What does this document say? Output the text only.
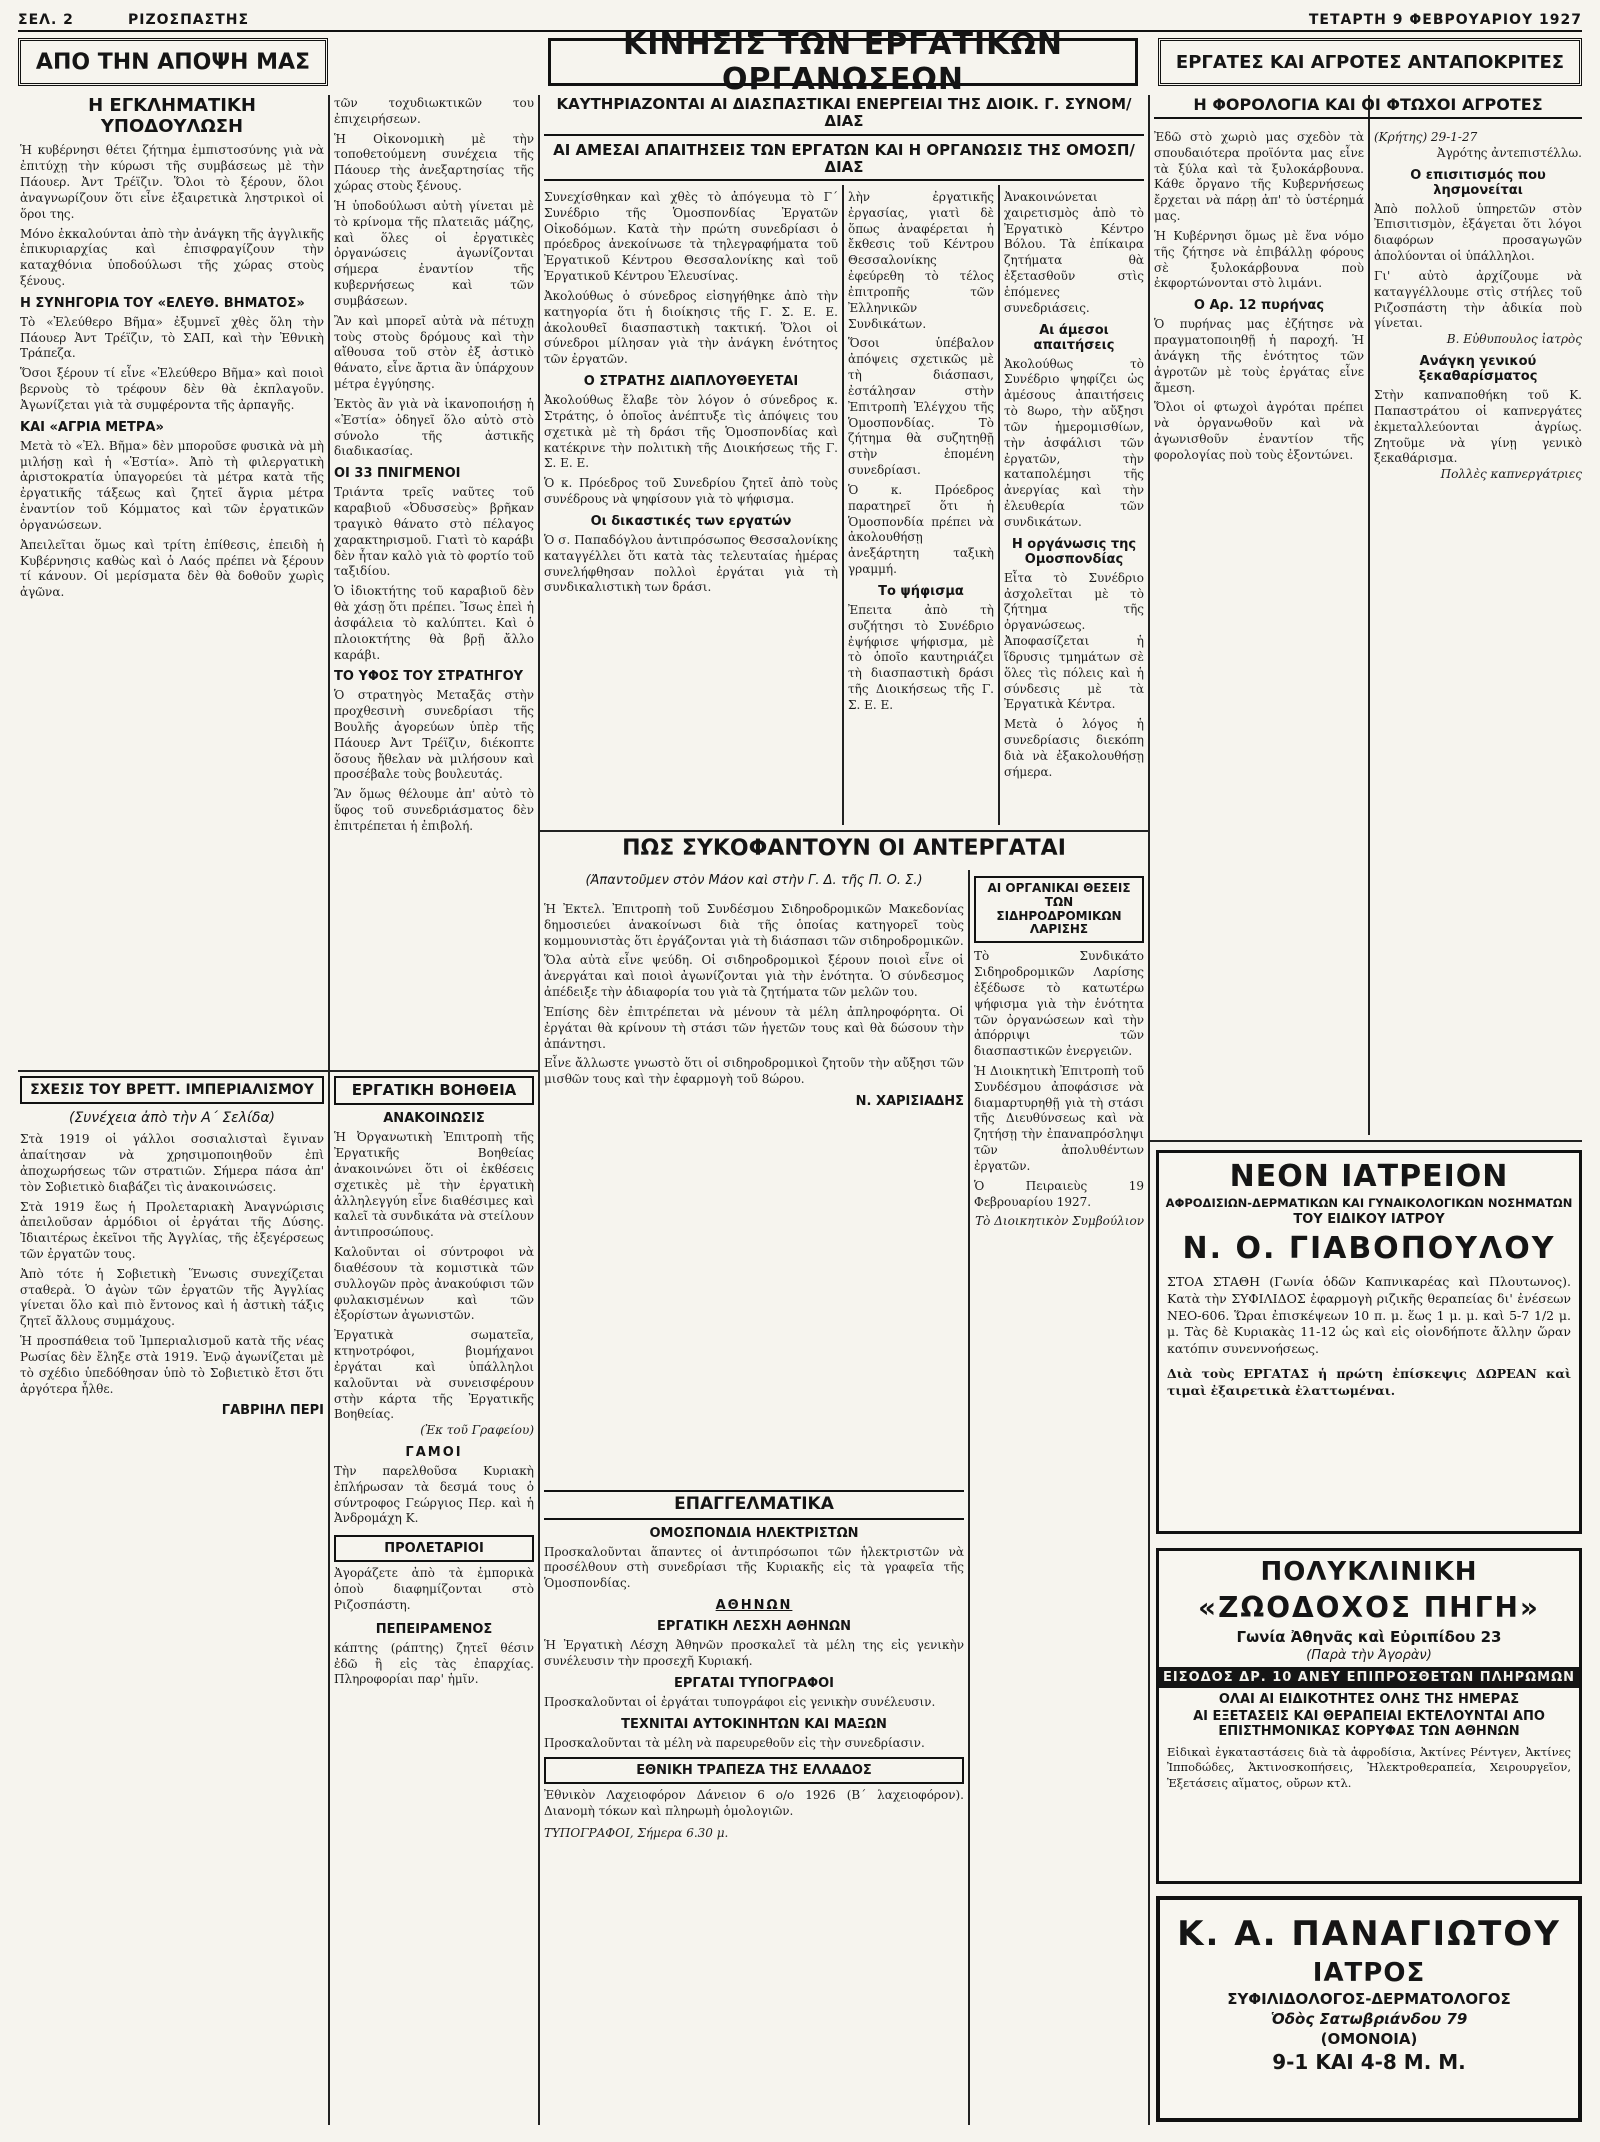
ΣΕΛ. 2	ΡΙΖΟΣΠΑΣΤΗΣ	ΤΕΤΑΡΤΗ 9 ΦΕΒΡΟΥΑΡΙΟΥ 1927
ΑΠΟ ΤΗΝ ΑΠΟΨΗ ΜΑΣ	ΚΙΝΗΣΙΣ ΤΩΝ ΕΡΓΑΤΙΚΩΝ ΟΡΓΑΝΩΣΕΩΝ	ΕΡΓΑΤΕΣ ΚΑΙ ΑΓΡΟΤΕΣ ΑΝΤΑΠΟΚΡΙΤΕΣ
Η ΕΓΚΛΗΜΑΤΙΚΗ ΥΠΟΔΟΥΛΩΣΗ
Ἡ κυβέρνησι θέτει ζήτημα ἐμπιστοσύνης γιὰ νὰ ἐπιτύχῃ τὴν κύρωσι τῆς συμβάσεως μὲ τὴν Πάουερ. Ἀντ Τρέϊζιν. Ὅλοι τὸ ξέρουν, ὅλοι ἀναγνωρίζουν ὅτι εἶνε ἐξαιρετικὰ ληστρικοὶ οἱ ὅροι της.
Μόνο ἐκκαλούνται ἀπὸ τὴν ἀνάγκη τῆς ἀγγλικῆς ἐπικυριαρχίας καὶ ἐπισφραγίζουν τὴν καταχθόνια ὑποδούλωσι τῆς χώρας στοὺς ξένους.
Η ΣΥΝΗΓΟΡΙΑ ΤΟΥ «ΕΛΕΥΘ. ΒΗΜΑΤΟΣ»
Τὸ «Ἐλεύθερο Βῆμα» ἐξυμνεῖ χθὲς ὅλη τὴν Πάουερ Ἀντ Τρέϊζιν, τὸ ΣΑΠ, καὶ τὴν Ἐθνικὴ Τράπεζα.
Ὅσοι ξέρουν τί εἶνε «Ἐλεύθερο Βῆμα» καὶ ποιοὶ βερνοὺς τὸ τρέφουν δὲν θὰ ἐκπλαγοῦν. Ἀγωνίζεται γιὰ τὰ συμφέροντα τῆς ἀρπαγῆς.
ΚΑΙ «ΑΓΡΙΑ ΜΕΤΡΑ»
Μετὰ τὸ «Ἐλ. Βῆμα» δὲν μποροῦσε φυσικὰ νὰ μὴ μιλήσῃ καὶ ἡ «Ἑστία». Ἀπὸ τὴ φιλεργατικὴ ἀριστοκρατία ὑπαγορεύει τὰ μέτρα κατὰ τῆς ἐργατικῆς τάξεως καὶ ζητεῖ ἄγρια μέτρα ἐναντίον τοῦ Κόμματος καὶ τῶν ἐργατικῶν ὀργανώσεων.
Ἀπειλεῖται ὅμως καὶ τρίτη ἐπίθεσις, ἐπειδὴ ἡ Κυβέρνησις καθὼς καὶ ὁ Λαός πρέπει νὰ ξέρουν τί κάνουν. Οἱ μερίσματα δὲν θὰ δοθοῦν χωρὶς ἀγῶνα.
ΣΧΕΣΙΣ ΤΟΥ ΒΡΕΤΤ. ΙΜΠΕΡΙΑΛΙΣΜΟΥ
(Συνέχεια ἀπὸ τὴν Α΄ Σελίδα)
Στὰ 1919 οἱ γάλλοι σοσιαλισταὶ ἔγιναν ἀπαίτησαν νὰ χρησιμοποιηθοῦν ἐπὶ ἀποχωρήσεως τῶν στρατιῶν. Σήμερα πάσα ἀπ' τὸν Σοβιετικὸ διαβάζει τὶς ἀνακοινώσεις.
Στὰ 1919 ἕως ἡ Προλεταριακὴ Ἀναγνώρισις ἀπειλοῦσαν ἁρμόδιοι οἱ ἐργάται τῆς Δύσης. Ἰδιαιτέρως ἐκεῖνοι τῆς Ἀγγλίας, τῆς ἐξεγέρσεως τῶν ἐργατῶν τους.
Ἀπὸ τότε ἡ Σοβιετικὴ Ἕνωσις συνεχίζεται σταθερὰ. Ὁ ἀγὼν τῶν ἐργατῶν τῆς Ἀγγλίας γίνεται ὅλο καὶ πιὸ ἔντονος καὶ ἡ ἀστικὴ τάξις ζητεῖ ἄλλους συμμάχους.
Ἡ προσπάθεια τοῦ Ἰμπεριαλισμοῦ κατὰ τῆς νέας Ρωσίας δὲν ἔληξε στὰ 1919. Ἐνῷ ἀγωνίζεται μὲ τὸ σχέδιο ὑπεδόθησαν ὑπὸ τὸ Σοβιετικὸ ἔτσι ὅτι ἀργότερα ἦλθε.
ΓΑΒΡΙΗΛ ΠΕΡΙ
τῶν τοχυδιωκτικῶν του ἐπιχειρήσεων.
Ἡ Οἰκονομικὴ μὲ τὴν τοποθετούμενη συνέχεια τῆς Πάουερ τὴς ἀνεξαρτησίας τῆς χώρας στοὺς ξένους.
Ἡ ὑποδούλωσι αὐτὴ γίνεται μὲ τὸ κρίνομα τῆς πλατειᾶς μάζης, καὶ ὅλες οἱ ἐργατικὲς ὀργανώσεις ἀγωνίζονται σήμερα ἐναντίον τῆς κυβερνήσεως καὶ τῶν συμβάσεων.
Ἂν καὶ μπορεῖ αὐτὰ νὰ πέτυχῃ τοὺς στοὺς δρόμους καὶ τὴν αἴθουσα τοῦ στὸν ἐξ ἀστικὸ θάνατο, εἶνε ἄρτια ἂν ὑπάρχουν μέτρα ἐγγύησης.
Ἐκτὸς ἂν γιὰ νὰ ἱκανοποιήσῃ ἡ «Ἑστία» ὁδηγεῖ ὅλο αὐτὸ στὸ σύνολο τῆς ἀστικῆς διαδικασίας.
ΟΙ 33 ΠΝΙΓΜΕΝΟΙ
Τριάντα τρεῖς ναῦτες τοῦ καραβιοῦ «Ὀδυσσεὺς» βρῆκαν τραγικὸ θάνατο στὸ πέλαγος χαρακτηρισμοῦ. Γιατὶ τὸ καράβι δὲν ἦταν καλὸ γιὰ τὸ φορτίο τοῦ ταξιδίου.
Ὁ ἰδιοκτήτης τοῦ καραβιοῦ δὲν θὰ χάσῃ ὅτι πρέπει. Ἴσως ἐπεὶ ἡ ἀσφάλεια τὸ καλύπτει. Καὶ ὁ πλοιοκτήτης θὰ βρῇ ἄλλο καράβι.
ΤΟ ΥΦΟΣ ΤΟΥ ΣΤΡΑΤΗΓΟΥ
Ὁ στρατηγὸς Μεταξᾶς στὴν προχθεσινὴ συνεδρίασι τῆς Βουλῆς ἀγορεύων ὑπὲρ τῆς Πάουερ Ἀντ Τρέϊζιν, διέκοπτε ὅσους ἤθελαν νὰ μιλήσουν καὶ προσέβαλε τοὺς βουλευτάς.
Ἂν ὅμως θέλουμε ἀπ' αὐτὸ τὸ ὕφος τοῦ συνεδριάσματος δὲν ἐπιτρέπεται ἡ ἐπιβολή.
ΕΡΓΑΤΙΚΗ ΒΟΗΘΕΙΑ
ΑΝΑΚΟΙΝΩΣΙΣ
Ἡ Ὀργανωτικὴ Ἐπιτροπὴ τῆς Ἐργατικῆς Βοηθείας ἀνακοινώνει ὅτι οἱ ἐκθέσεις σχετικὲς μὲ τὴν ἐργατικὴ ἀλληλεγγύη εἶνε διαθέσιμες καὶ καλεῖ τὰ συνδικάτα νὰ στείλουν ἀντιπροσώπους.
Καλοῦνται οἱ σύντροφοι νὰ διαθέσουν τὰ κομιστικὰ τῶν συλλογῶν πρὸς ἀνακούφισι τῶν φυλακισμένων καὶ τῶν ἐξορίστων ἀγωνιστῶν.
Ἐργατικὰ σωματεῖα, κτηνοτρόφοι, βιομήχανοι ἐργάται καὶ ὑπάλληλοι καλοῦνται νὰ συνεισφέρουν στὴν κάρτα τῆς Ἐργατικῆς Βοηθείας.
(Ἐκ τοῦ Γραφείου)
ΓΑΜΟΙ
Τὴν παρελθοῦσα Κυριακὴ ἐπλήρωσαν τὰ δεσμά τους ὁ σύντροφος Γεώργιος Περ. καὶ ἡ Ἀνδρομάχη Κ.
ΠΡΟΛΕΤΑΡΙΟΙ
Ἀγοράζετε ἀπὸ τὰ ἐμπορικὰ ὁποὺ διαφημίζονται στὸ Ριζοσπάστη.
ΠΕΠΕΙΡΑΜΕΝΟΣ
κάπτης (ράπτης) ζητεῖ θέσιν ἐδῶ ἢ εἰς τὰς ἐπαρχίας. Πληροφορίαι παρ' ἡμῖν.
ΚΑΥΤΗΡΙΑΖΟΝΤΑΙ ΑΙ ΔΙΑΣΠΑΣΤΙΚΑΙ ΕΝΕΡΓΕΙΑΙ ΤΗΣ ΔΙΟΙΚ. Γ. ΣΥΝΟΜ/ΔΙΑΣ
ΑΙ ΑΜΕΣΑΙ ΑΠΑΙΤΗΣΕΙΣ ΤΩΝ ΕΡΓΑΤΩΝ ΚΑΙ Η ΟΡΓΑΝΩΣΙΣ ΤΗΣ ΟΜΟΣΠ/ΔΙΑΣ
Συνεχίσθηκαν καὶ χθὲς τὸ ἀπόγευμα τὸ Γ΄ Συνέδριο τῆς Ὁμοσπονδίας Ἐργατῶν Οἰκοδόμων. Κατὰ τὴν πρώτη συνεδρίασι ὁ πρόεδρος ἀνεκοίνωσε τὰ τηλεγραφήματα τοῦ Ἐργατικοῦ Κέντρου Θεσσαλονίκης καὶ τοῦ Ἐργατικοῦ Κέντρου Ἐλευσίνας.
Ἀκολούθως ὁ σύνεδρος εἰσηγήθηκε ἀπὸ τὴν κατηγορία ὅτι ἡ διοίκησις τῆς Γ. Σ. Ε. Ε. ἀκολουθεῖ διασπαστικὴ τακτική. Ὅλοι οἱ σύνεδροι μίλησαν γιὰ τὴν ἀνάγκη ἑνότητος τῶν ἐργατῶν.
Ο ΣΤΡΑΤΗΣ ΔΙΑΠΛΟΥΘΕΥΕΤΑΙ
Ἀκολούθως ἔλαβε τὸν λόγον ὁ σύνεδρος κ. Στράτης, ὁ ὁποῖος ἀνέπτυξε τὶς ἀπόψεις του σχετικὰ μὲ τὴ δράσι τῆς Ὁμοσπονδίας καὶ κατέκρινε τὴν πολιτικὴ τῆς Διοικήσεως τῆς Γ. Σ. Ε. Ε.
Ὁ κ. Πρόεδρος τοῦ Συνεδρίου ζητεῖ ἀπὸ τοὺς συνέδρους νὰ ψηφίσουν γιὰ τὸ ψήφισμα.
Οι δικαστικές των εργατών
Ὁ σ. Παπαδόγλου ἀντιπρόσωπος Θεσσαλονίκης καταγγέλλει ὅτι κατὰ τὰς τελευταίας ἡμέρας συνελήφθησαν πολλοὶ ἐργάται γιὰ τὴ συνδικαλιστικὴ των δράσι.
λὴν ἐργατικῆς ἐργασίας, γιατὶ δὲ ὅπως ἀναφέρεται ἡ ἔκθεσις τοῦ Κέντρου Θεσσαλονίκης ἐφεύρεθη τὸ τέλος ἐπιτροπῆς τῶν Ἐλληνικῶν Συνδικάτων.
Ὅσοι ὑπέβαλον ἀπόψεις σχετικῶς μὲ τὴ διάσπασι, ἐστάλησαν στὴν Ἐπιτροπὴ Ἑλέγχου τῆς Ὁμοσπονδίας. Τὸ ζήτημα θὰ συζητηθῇ στὴν ἑπομένη συνεδρίασι.
Ὁ κ. Πρόεδρος παρατηρεῖ ὅτι ἡ Ὁμοσπονδία πρέπει νὰ ἀκολουθήσῃ ἀνεξάρτητη ταξικὴ γραμμή.
Το ψήφισμα
Ἐπειτα ἀπὸ τὴ συζήτησι τὸ Συνέδριο ἐψήφισε ψήφισμα, μὲ τὸ ὁποῖο καυτηριάζει τὴ διασπαστικὴ δράσι τῆς Διοικήσεως τῆς Γ. Σ. Ε. Ε.
Ἀνακοινώνεται χαιρετισμὸς ἀπὸ τὸ Ἐργατικὸ Κέντρο Βόλου. Τὰ ἐπίκαιρα ζητήματα θὰ ἐξετασθοῦν στὶς ἑπόμενες συνεδριάσεις.
Αι άμεσοι απαιτήσεις
Ἀκολούθως τὸ Συνέδριο ψηφίζει ὡς ἀμέσους ἀπαιτήσεις τὸ 8ωρο, τὴν αὔξησι τῶν ἡμερομισθίων, τὴν ἀσφάλισι τῶν ἐργατῶν, τὴν καταπολέμησι τῆς ἀνεργίας καὶ τὴν ἐλευθερία τῶν συνδικάτων.
Η οργάνωσις της Ομοσπονδίας
Εἶτα τὸ Συνέδριο ἀσχολεῖται μὲ τὸ ζήτημα τῆς ὀργανώσεως. Ἀποφασίζεται ἡ ἵδρυσις τμημάτων σὲ ὅλες τὶς πόλεις καὶ ἡ σύνδεσις μὲ τὰ Ἐργατικὰ Κέντρα.
Μετὰ ὁ λόγος ἡ συνεδρίασις διεκόπη διὰ νὰ ἐξακολουθήσῃ σήμερα.
ΠΩΣ ΣΥΚΟΦΑΝΤΟΥΝ ΟΙ ΑΝΤΕΡΓΑΤΑΙ
(Ἀπαντοῦμεν στὸν Μάον καὶ στὴν Γ. Δ. τῆς Π. Ο. Σ.)
Ἡ Ἐκτελ. Ἐπιτροπὴ τοῦ Συνδέσμου Σιδηροδρομικῶν Μακεδονίας δημοσιεύει ἀνακοίνωσι διὰ τῆς ὁποίας κατηγορεῖ τοὺς κομμουνιστὰς ὅτι ἐργάζονται γιὰ τὴ διάσπασι τῶν σιδηροδρομικῶν.
Ὅλα αὐτὰ εἶνε ψεύδη. Οἱ σιδηροδρομικοὶ ξέρουν ποιοὶ εἶνε οἱ ἀνεργάται καὶ ποιοὶ ἀγωνίζονται γιὰ τὴν ἑνότητα. Ὁ σύνδεσμος ἀπέδειξε τὴν ἀδιαφορία του γιὰ τὰ ζητήματα τῶν μελῶν του.
Ἐπίσης δὲν ἐπιτρέπεται νὰ μένουν τὰ μέλη ἀπληροφόρητα. Οἱ ἐργάται θὰ κρίνουν τὴ στάσι τῶν ἡγετῶν τους καὶ θὰ δώσουν τὴν ἀπάντησι.
Εἶνε ἄλλωστε γνωστὸ ὅτι οἱ σιδηροδρομικοὶ ζητοῦν τὴν αὔξησι τῶν μισθῶν τους καὶ τὴν ἐφαρμογὴ τοῦ 8ώρου.
Ν. ΧΑΡΙΣΙΑΔΗΣ
ΕΠΑΓΓΕΛΜΑΤΙΚΑ
ΟΜΟΣΠΟΝΔΙΑ ΗΛΕΚΤΡΙΣΤΩΝ
Προσκαλοῦνται ἅπαντες οἱ ἀντιπρόσωποι τῶν ἡλεκτριστῶν νὰ προσέλθουν στὴ συνεδρίασι τῆς Κυριακῆς εἰς τὰ γραφεῖα τῆς Ὁμοσπονδίας.
ΑΘΗΝΩΝ
ΕΡΓΑΤΙΚΗ ΛΕΣΧΗ ΑΘΗΝΩΝ
Ἡ Ἐργατικὴ Λέσχη Ἀθηνῶν προσκαλεῖ τὰ μέλη της εἰς γενικὴν συνέλευσιν τὴν προσεχῆ Κυριακή.
ΕΡΓΑΤΑΙ ΤΥΠΟΓΡΑΦΟΙ
Προσκαλοῦνται οἱ ἐργάται τυπογράφοι εἰς γενικὴν συνέλευσιν.
ΤΕΧΝΙΤΑΙ ΑΥΤΟΚΙΝΗΤΩΝ ΚΑΙ ΜΑΞΩΝ
Προσκαλοῦνται τὰ μέλη νὰ παρευρεθοῦν εἰς τὴν συνεδρίασιν.
ΕΘΝΙΚΗ ΤΡΑΠΕΖΑ ΤΗΣ ΕΛΛΑΔΟΣ
Ἐθνικὸν Λαχειοφόρον Δάνειον 6 ο/ο 1926 (Β΄ λαχειοφόρον). Διανομὴ τόκων καὶ πληρωμὴ ὁμολογιῶν.
ΤΥΠΟΓΡΑΦΟΙ, Σήμερα 6.30 μ.
ΑΙ ΟΡΓΑΝΙΚΑΙ ΘΕΣΕΙΣ ΤΩΝ ΣΙΔΗΡΟΔΡΟΜΙΚΩΝ ΛΑΡΙΣΗΣ
Τὸ Συνδικάτο Σιδηροδρομικῶν Λαρίσης ἐξέδωσε τὸ κατωτέρω ψήφισμα γιὰ τὴν ἑνότητα τῶν ὀργανώσεων καὶ τὴν ἀπόρριψι τῶν διασπαστικῶν ἐνεργειῶν.
Ἡ Διοικητικὴ Ἐπιτροπὴ τοῦ Συνδέσμου ἀποφάσισε νὰ διαμαρτυρηθῇ γιὰ τὴ στάσι τῆς Διευθύνσεως καὶ νὰ ζητήσῃ τὴν ἐπαναπρόσληψι τῶν ἀπολυθέντων ἐργατῶν.
Ὁ Πειραιεὺς 19 Φεβρουαρίου 1927.
Τὸ Διοικητικὸν Συμβούλιον
Η ΦΟΡΟΛΟΓΙΑ ΚΑΙ ΟΙ ΦΤΩΧΟΙ ΑΓΡΟΤΕΣ
Ἐδῶ στὸ χωριὸ μας σχεδὸν τὰ σπουδαιότερα προϊόντα μας εἶνε τὰ ξύλα καὶ τὰ ξυλοκάρβουνα. Κάθε ὄργανο τῆς Κυβερνήσεως ἔρχεται νὰ πάρῃ ἀπ' τὸ ὑστέρημά μας.
Ἡ Κυβέρνησι ὅμως μὲ ἕνα νόμο τῆς ζήτησε νὰ ἐπιβάλλῃ φόρους σὲ ξυλοκάρβουνα ποὺ ἐκφορτώνονται στὸ λιμάνι.
Ο Αρ. 12 πυρήνας
Ὁ πυρήνας μας ἐζήτησε νὰ πραγματοποιηθῇ ἡ παροχή. Ἡ ἀνάγκη τῆς ἑνότητος τῶν ἀγροτῶν μὲ τοὺς ἐργάτας εἶνε ἄμεση.
Ὅλοι οἱ φτωχοὶ ἀγρόται πρέπει νὰ ὀργανωθοῦν καὶ νὰ ἀγωνισθοῦν ἐναντίον τῆς φορολογίας ποὺ τοὺς ἐξοντώνει.
(Κρήτης) 29-1-27
Ἀγρότης ἀντεπιστέλλω.
Ο επισιτισμός που λησμονείται
Ἀπὸ πολλοῦ ὑπηρετῶν στὸν Ἐπισιτισμὸν, ἐξάγεται ὅτι λόγοι διαφόρων προσαγωγῶν ἀπολύονται οἱ ὑπάλληλοι.
Γι' αὐτὸ ἀρχίζουμε νὰ καταγγέλλουμε στὶς στήλες τοῦ Ριζοσπάστη τὴν ἀδικία ποὺ γίνεται.
Β. Εὐθυπουλος ἰατρὸς
Ανάγκη γενικού ξεκαθαρίσματος
Στὴν καπναποθήκη τοῦ Κ. Παπαστράτου οἱ καπνεργάτες ἐκμεταλλεύονται ἀγρίως. Ζητοῦμε νὰ γίνῃ γενικὸ ξεκαθάρισμα.
Πολλὲς καπνεργάτριες
ΝΕΟΝ ΙΑΤΡΕΙΟΝ
ΑΦΡΟΔΙΣΙΩΝ-ΔΕΡΜΑΤΙΚΩΝ ΚΑΙ ΓΥΝΑΙΚΟΛΟΓΙΚΩΝ ΝΟΣΗΜΑΤΩΝ
ΤΟΥ ΕΙΔΙΚΟΥ ΙΑΤΡΟΥ
Ν. Ο. ΓΙΑΒΟΠΟΥΛΟΥ
ΣΤΟΑ ΣΤΑΘΗ (Γωνία ὁδῶν Καπνικαρέας καὶ Πλουτωνος). Κατὰ τὴν ΣΥΦΙΛΙΔΟΣ ἐφαρμογὴ ριζικῆς θεραπείας δι' ἐνέσεων ΝΕΟ-606. Ὥραι ἐπισκέψεων 10 π. μ. ἕως 1 μ. μ. καὶ 5-7 1/2 μ. μ. Τὰς δὲ Κυριακὰς 11-12 ὡς καὶ εἰς οἰονδήποτε ἄλλην ὥραν κατόπιν συνεννοήσεως.
Διὰ τοὺς ΕΡΓΑΤΑΣ ἡ πρώτη ἐπίσκεψις ΔΩΡΕΑΝ καὶ τιμαὶ ἐξαιρετικὰ ἐλαττωμέναι.
ΠΟΛΥΚΛΙΝΙΚΗ
«ΖΩΟΔΟΧΟΣ ΠΗΓΗ»
Γωνία Ἀθηνᾶς καὶ Εὐριπίδου 23
(Παρὰ τὴν Ἀγορὰν)
ΕΙΣΟΔΟΣ ΔΡ. 10 ΑΝΕΥ ΕΠΙΠΡΟΣΘΕΤΩΝ ΠΛΗΡΩΜΩΝ
ΟΛΑΙ ΑΙ ΕΙΔΙΚΟΤΗΤΕΣ ΟΛΗΣ ΤΗΣ ΗΜΕΡΑΣ
ΑΙ ΕΞΕΤΑΣΕΙΣ ΚΑΙ ΘΕΡΑΠΕΙΑΙ ΕΚΤΕΛΟΥΝΤΑΙ ΑΠΟ ΕΠΙΣΤΗΜΟΝΙΚΑΣ ΚΟΡΥΦΑΣ ΤΩΝ ΑΘΗΝΩΝ
Εἰδικαὶ ἐγκαταστάσεις διὰ τὰ ἀφροδίσια, Ἀκτίνες Ρέντγεν, Ἀκτίνες Ἰπποδώδες, Ἀκτινοσκοπήσεις, Ἠλεκτροθεραπεία, Χειρουργεῖον, Ἐξετάσεις αἵματος, οὔρων κτλ.
Κ. Α. ΠΑΝΑΓΙΩΤΟΥ
ΙΑΤΡΟΣ
ΣΥΦΙΛΙΔΟΛΟΓΟΣ-ΔΕΡΜΑΤΟΛΟΓΟΣ
Ὁδὸς Σατωβριάνδου 79
(ΟΜΟΝΟΙΑ)
9-1 ΚΑΙ 4-8 Μ. Μ.
